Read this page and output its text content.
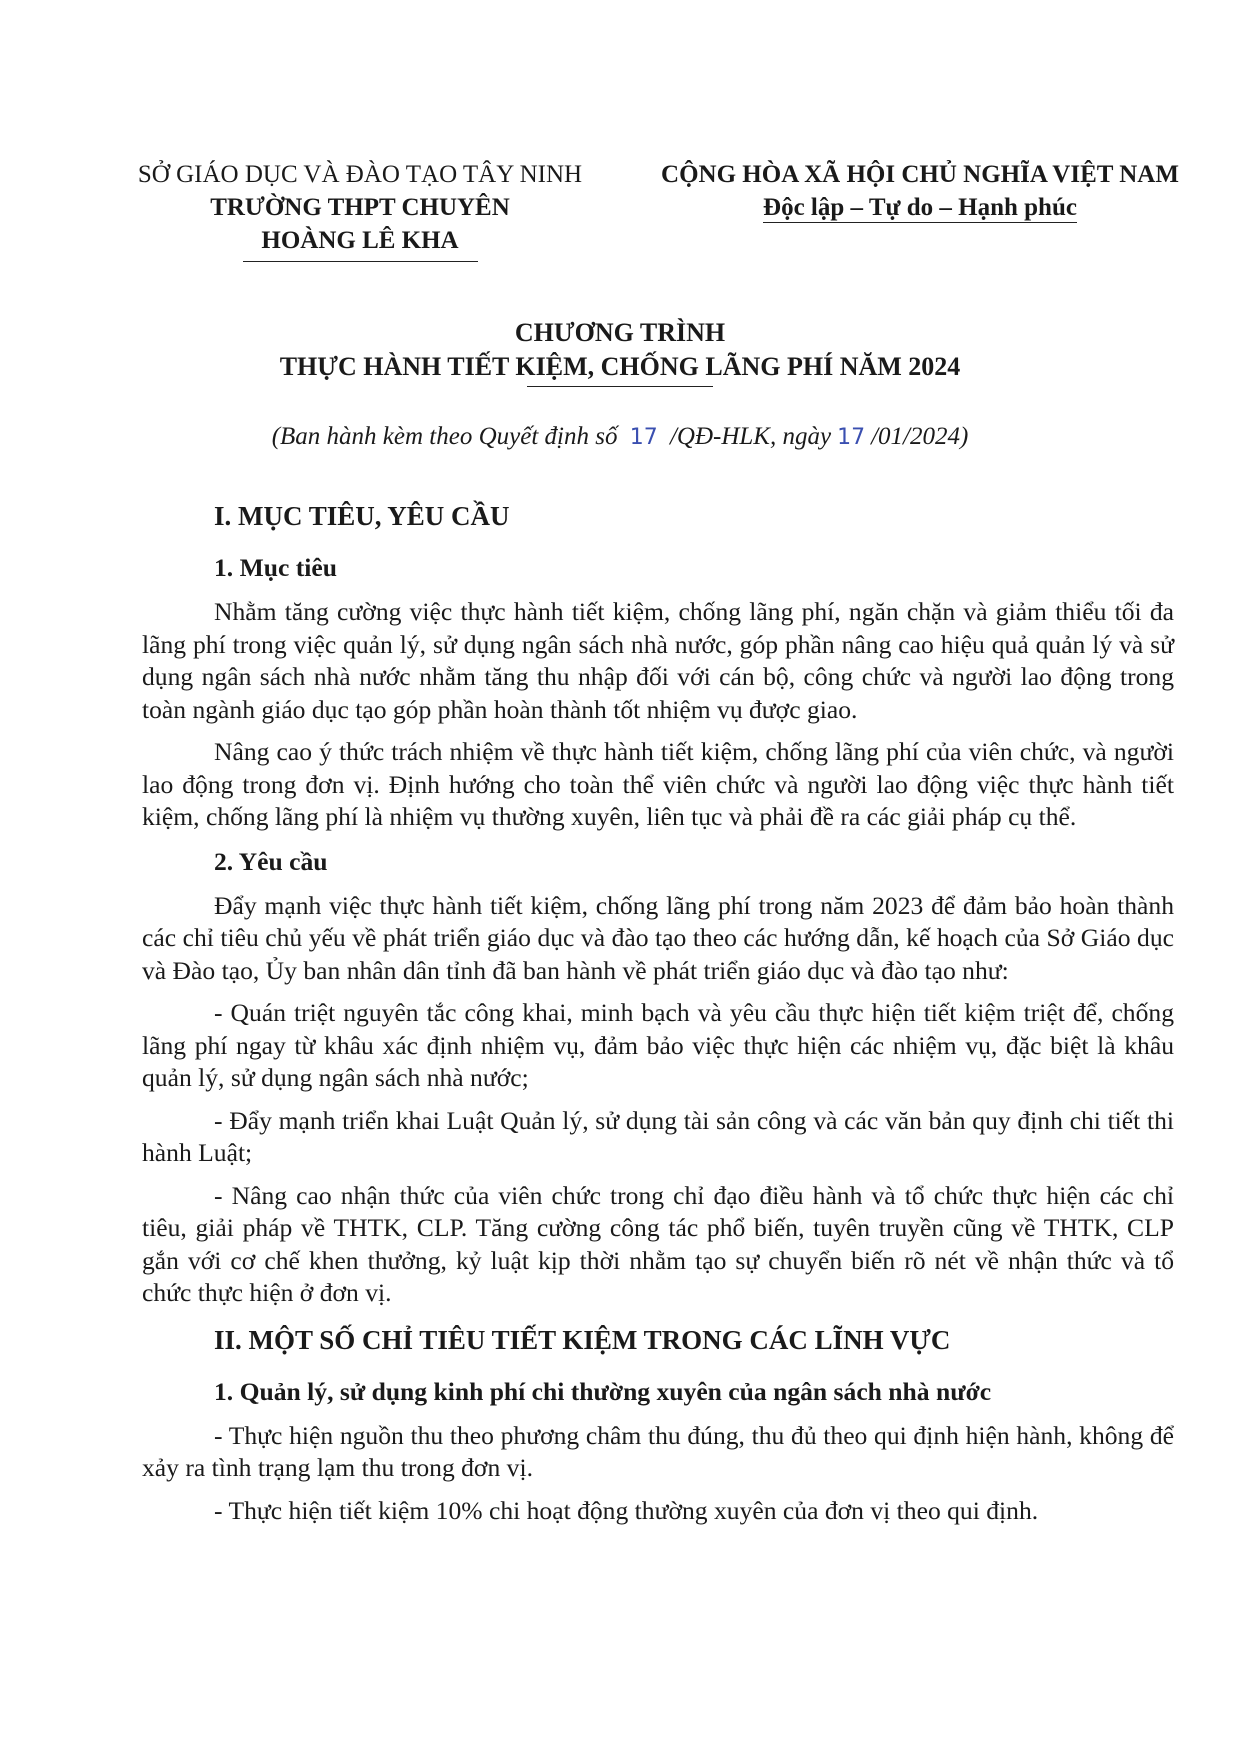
SỞ GIÁO DỤC VÀ ĐÀO TẠO TÂY NINH
TRƯỜNG THPT CHUYÊN
HOÀNG LÊ KHA
CỘNG HÒA XÃ HỘI CHỦ NGHĨA VIỆT NAM
Độc lập – Tự do – Hạnh phúc
CHƯƠNG TRÌNH
THỰC HÀNH TIẾT KIỆM, CHỐNG LÃNG PHÍ NĂM 2024
(Ban hành kèm theo Quyết định số 17 /QĐ-HLK, ngày 17 /01/2024)
I. MỤC TIÊU, YÊU CẦU
1. Mục tiêu

Nhằm tăng cường việc thực hành tiết kiệm, chống lãng phí, ngăn chặn và giảm thiểu tối đa lãng phí trong việc quản lý, sử dụng ngân sách nhà nước, góp phần nâng cao hiệu quả quản lý và sử dụng ngân sách nhà nước nhằm tăng thu nhập đối với cán bộ, công chức và người lao động trong toàn ngành giáo dục tạo góp phần hoàn thành tốt nhiệm vụ được giao.

Nâng cao ý thức trách nhiệm về thực hành tiết kiệm, chống lãng phí của viên chức, và người lao động trong đơn vị. Định hướng cho toàn thể viên chức và người lao động việc thực hành tiết kiệm, chống lãng phí là nhiệm vụ thường xuyên, liên tục và phải đề ra các giải pháp cụ thể.

2. Yêu cầu

Đẩy mạnh việc thực hành tiết kiệm, chống lãng phí trong năm 2023 để đảm bảo hoàn thành các chỉ tiêu chủ yếu về phát triển giáo dục và đào tạo theo các hướng dẫn, kế hoạch của Sở Giáo dục và Đào tạo, Ủy ban nhân dân tỉnh đã ban hành về phát triển giáo dục và đào tạo như:

- Quán triệt nguyên tắc công khai, minh bạch và yêu cầu thực hiện tiết kiệm triệt để, chống lãng phí ngay từ khâu xác định nhiệm vụ, đảm bảo việc thực hiện các nhiệm vụ, đặc biệt là khâu quản lý, sử dụng ngân sách nhà nước;

- Đẩy mạnh triển khai Luật Quản lý, sử dụng tài sản công và các văn bản quy định chi tiết thi hành Luật;

- Nâng cao nhận thức của viên chức trong chỉ đạo điều hành và tổ chức thực hiện các chỉ tiêu, giải pháp về THTK, CLP. Tăng cường công tác phổ biến, tuyên truyền cũng về THTK, CLP gắn với cơ chế khen thưởng, kỷ luật kịp thời nhằm tạo sự chuyển biến rõ nét về nhận thức và tổ chức thực hiện ở đơn vị.

II. MỘT SỐ CHỈ TIÊU TIẾT KIỆM TRONG CÁC LĨNH VỰC
1. Quản lý, sử dụng kinh phí chi thường xuyên của ngân sách nhà nước

- Thực hiện nguồn thu theo phương châm thu đúng, thu đủ theo qui định hiện hành, không để xảy ra tình trạng lạm thu trong đơn vị.

- Thực hiện tiết kiệm 10% chi hoạt động thường xuyên của đơn vị theo qui định.
